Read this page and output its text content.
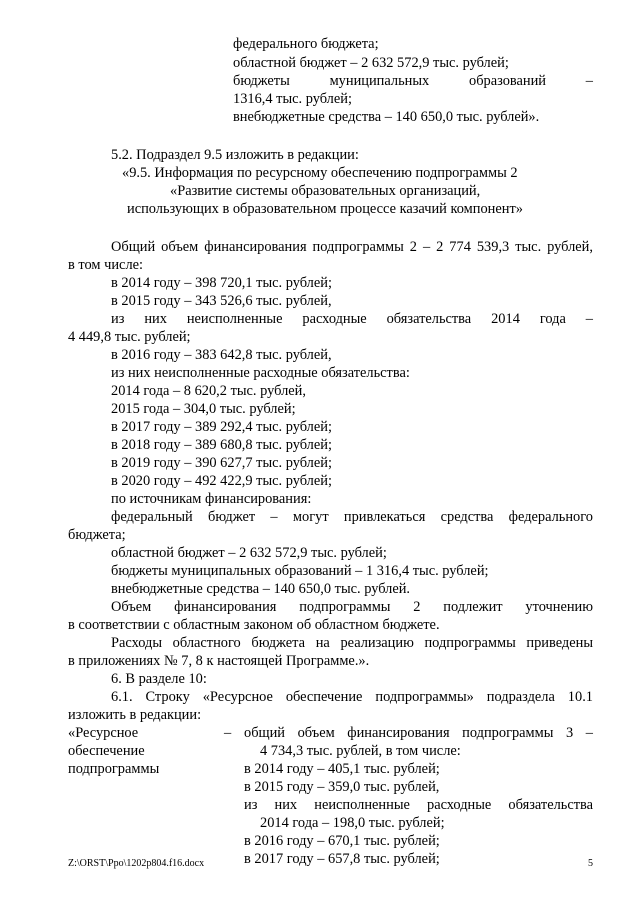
федерального бюджета;
областной бюджет – 2 632 572,9 тыс. рублей;
бюджеты муниципальных образований –
1316,4 тыс. рублей;
внебюджетные средства – 140 650,0 тыс. рублей».
5.2. Подраздел 9.5 изложить в редакции:
«9.5. Информация по ресурсному обеспечению подпрограммы 2
«Развитие системы образовательных организаций,
использующих в образовательном процессе казачий компонент»
Общий объем финансирования подпрограммы 2 – 2 774 539,3 тыс. рублей,
в том числе:
в 2014 году – 398 720,1 тыс. рублей;
в 2015 году – 343 526,6 тыс. рублей,
из них неисполненные расходные обязательства 2014 года –
4 449,8 тыс. рублей;
в 2016 году – 383 642,8 тыс. рублей,
из них неисполненные расходные обязательства:
2014 года – 8 620,2 тыс. рублей,
2015 года – 304,0 тыс. рублей;
в 2017 году – 389 292,4 тыс. рублей;
в 2018 году – 389 680,8 тыс. рублей;
в 2019 году – 390 627,7 тыс. рублей;
в 2020 году – 492 422,9 тыс. рублей;
по источникам финансирования:
федеральный бюджет – могут привлекаться средства федерального
бюджета;
областной бюджет – 2 632 572,9 тыс. рублей;
бюджеты муниципальных образований – 1 316,4 тыс. рублей;
внебюджетные средства – 140 650,0 тыс. рублей.
Объем финансирования подпрограммы 2 подлежит уточнению
в соответствии с областным законом об областном бюджете.
Расходы областного бюджета на реализацию подпрограммы приведены
в приложениях № 7, 8 к настоящей Программе.».
6. В разделе 10:
6.1. Строку «Ресурсное обеспечение подпрограммы» подраздела 10.1
изложить в редакции:
«Ресурсное
обеспечение
подпрограммы
– общий объем финансирования подпрограммы 3 –
4 734,3 тыс. рублей, в том числе:
в 2014 году – 405,1 тыс. рублей;
в 2015 году – 359,0 тыс. рублей,
из них неисполненные расходные обязательства
2014 года – 198,0 тыс. рублей;
в 2016 году – 670,1 тыс. рублей;
в 2017 году – 657,8 тыс. рублей;
Z:\ORST\Ppo\1202p804.f16.docx	5
